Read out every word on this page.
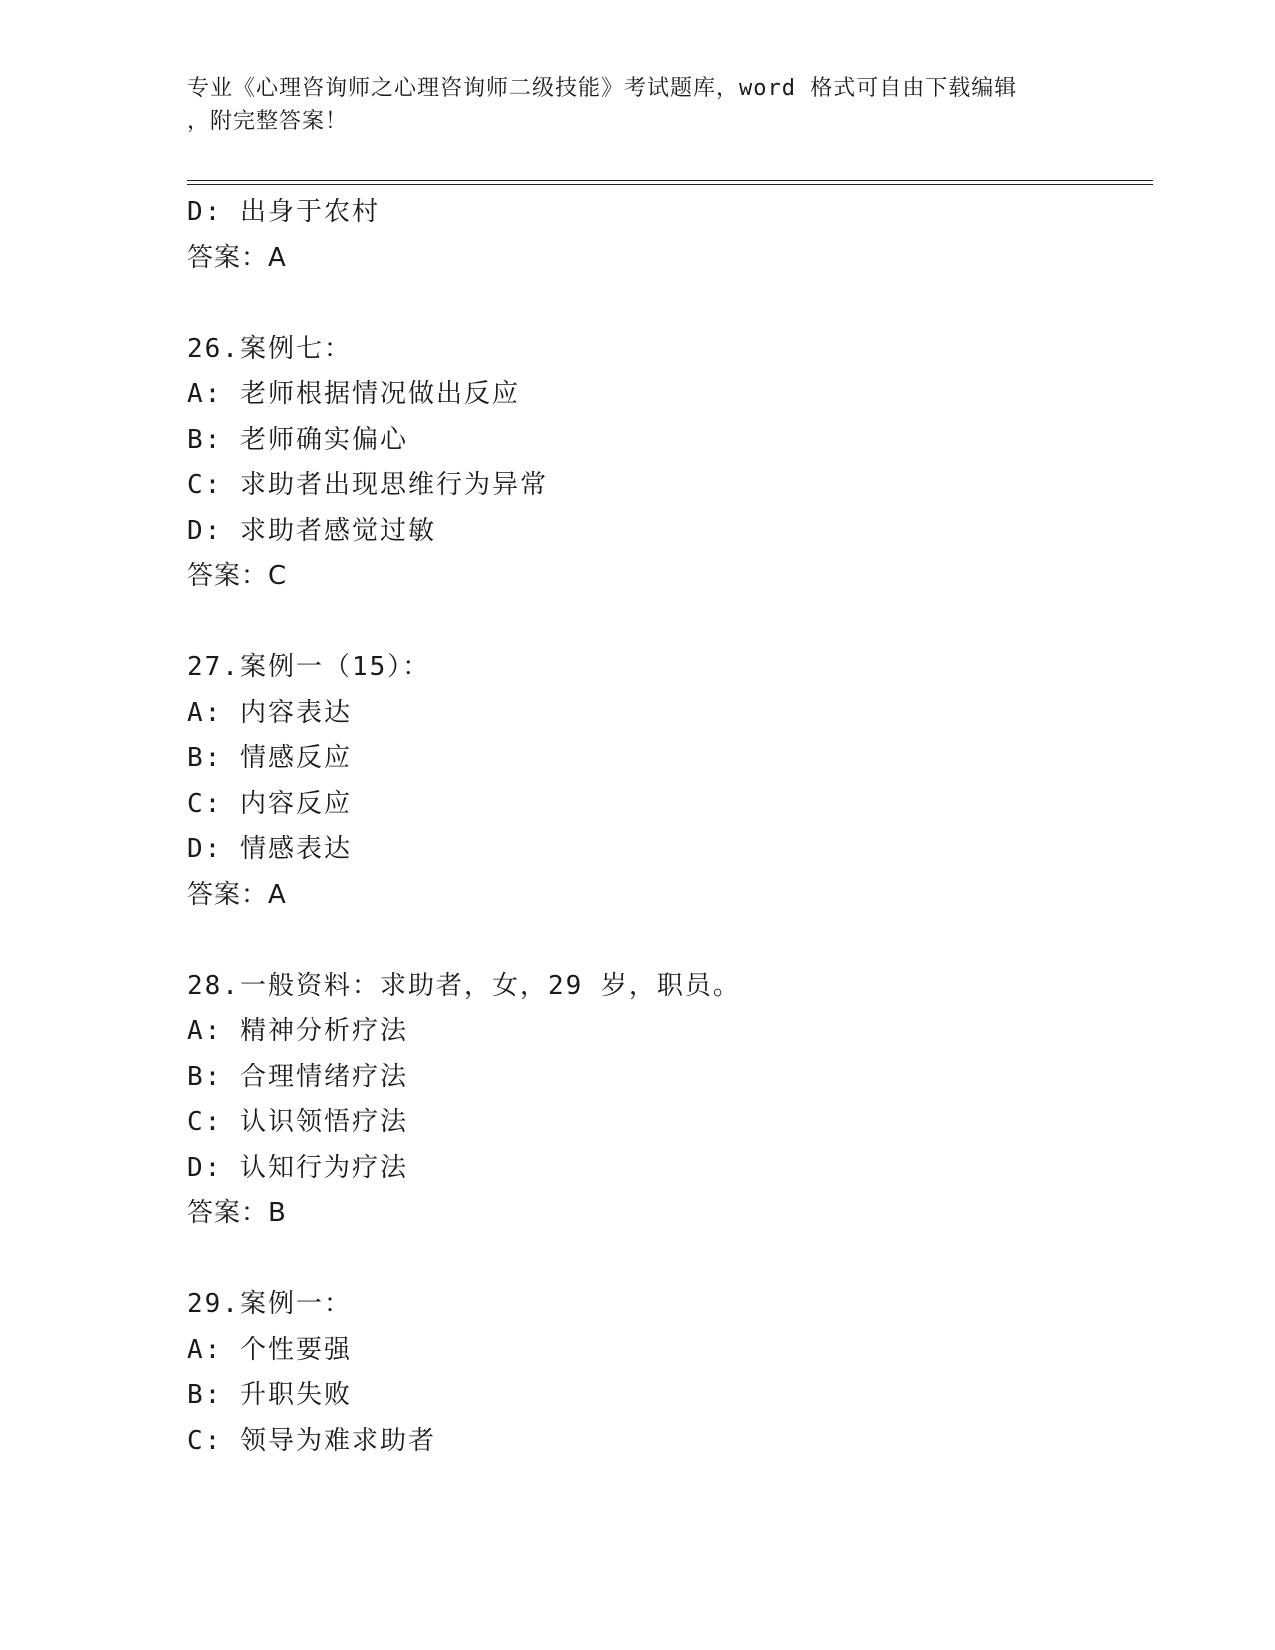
专业《心理咨询师之心理咨询师二级技能》考试题库，word 格式可自由下载编辑
，附完整答案！
D: 出身于农村
答案：A
26.案例七：
A: 老师根据情况做出反应
B: 老师确实偏心
C: 求助者出现思维行为异常
D: 求助者感觉过敏
答案：C
27.案例一（15）：
A: 内容表达
B: 情感反应
C: 内容反应
D: 情感表达
答案：A
28.一般资料：求助者，女，29 岁，职员。
A: 精神分析疗法
B: 合理情绪疗法
C: 认识领悟疗法
D: 认知行为疗法
答案：B
29.案例一：
A: 个性要强
B: 升职失败
C: 领导为难求助者
